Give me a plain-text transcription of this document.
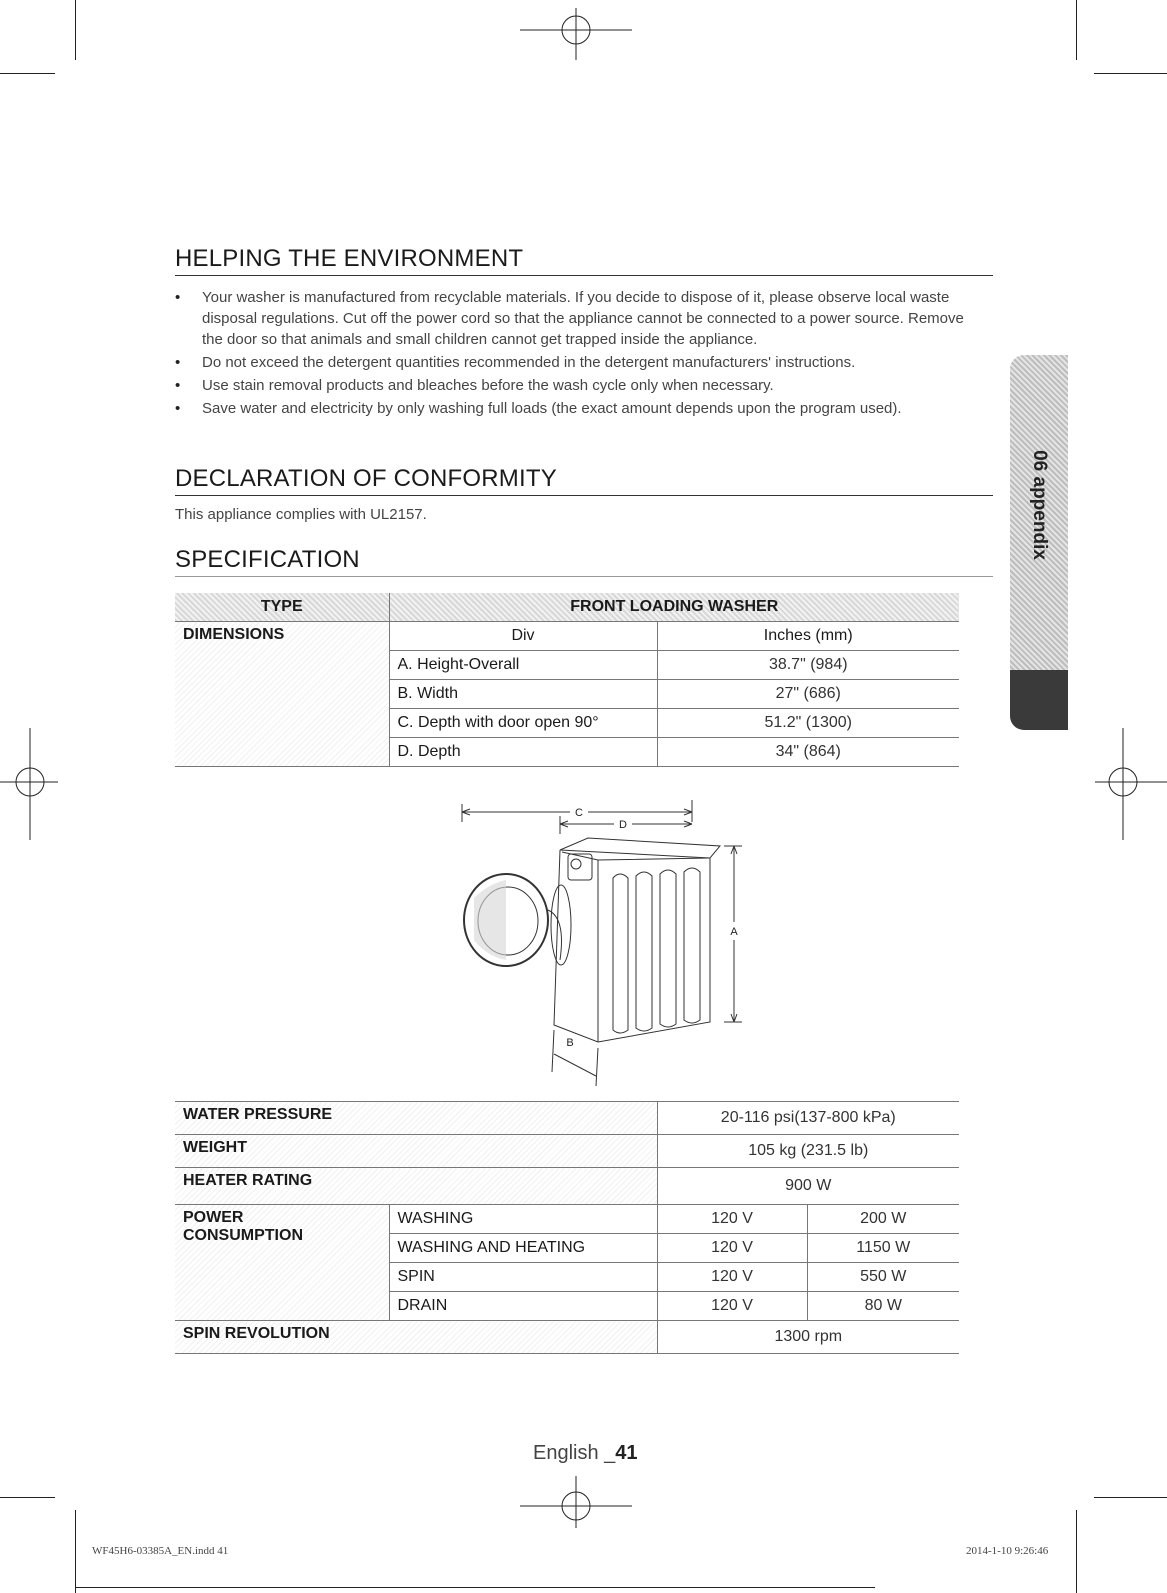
HELPING THE ENVIRONMENT
• Your washer is manufactured from recyclable materials. If you decide to dispose of it, please observe local waste disposal regulations. Cut off the power cord so that the appliance cannot be connected to a power source. Remove the door so that animals and small children cannot get trapped inside the appliance.
• Do not exceed the detergent quantities recommended in the detergent manufacturers' instructions.
• Use stain removal products and bleaches before the wash cycle only when necessary.
• Save water and electricity by only washing full loads (the exact amount depends upon the program used).
DECLARATION OF CONFORMITY
This appliance complies with UL2157.
SPECIFICATION
TYPE	FRONT LOADING WASHER	
DIMENSIONS	Div	Inches (mm)
	A. Height-Overall	38.7" (984)
	B. Width	27" (686)
	C. Depth with door open 90°	51.2" (1300)
	D. Depth	34" (864)
C
D
A
B
WATER PRESSURE		20-116 psi(137-800 kPa)	
WEIGHT		105 kg (231.5 lb)	
HEATER RATING		900 W	
POWER
CONSUMPTION	WASHING	120 V	200 W
	WASHING AND HEATING	120 V	1150 W
	SPIN	120 V	550 W
	DRAIN	120 V	80 W
SPIN REVOLUTION		1300 rpm	
06 appendix
English _41
WF45H6-03385A_EN.indd 41	2014-1-10 9:26:46
